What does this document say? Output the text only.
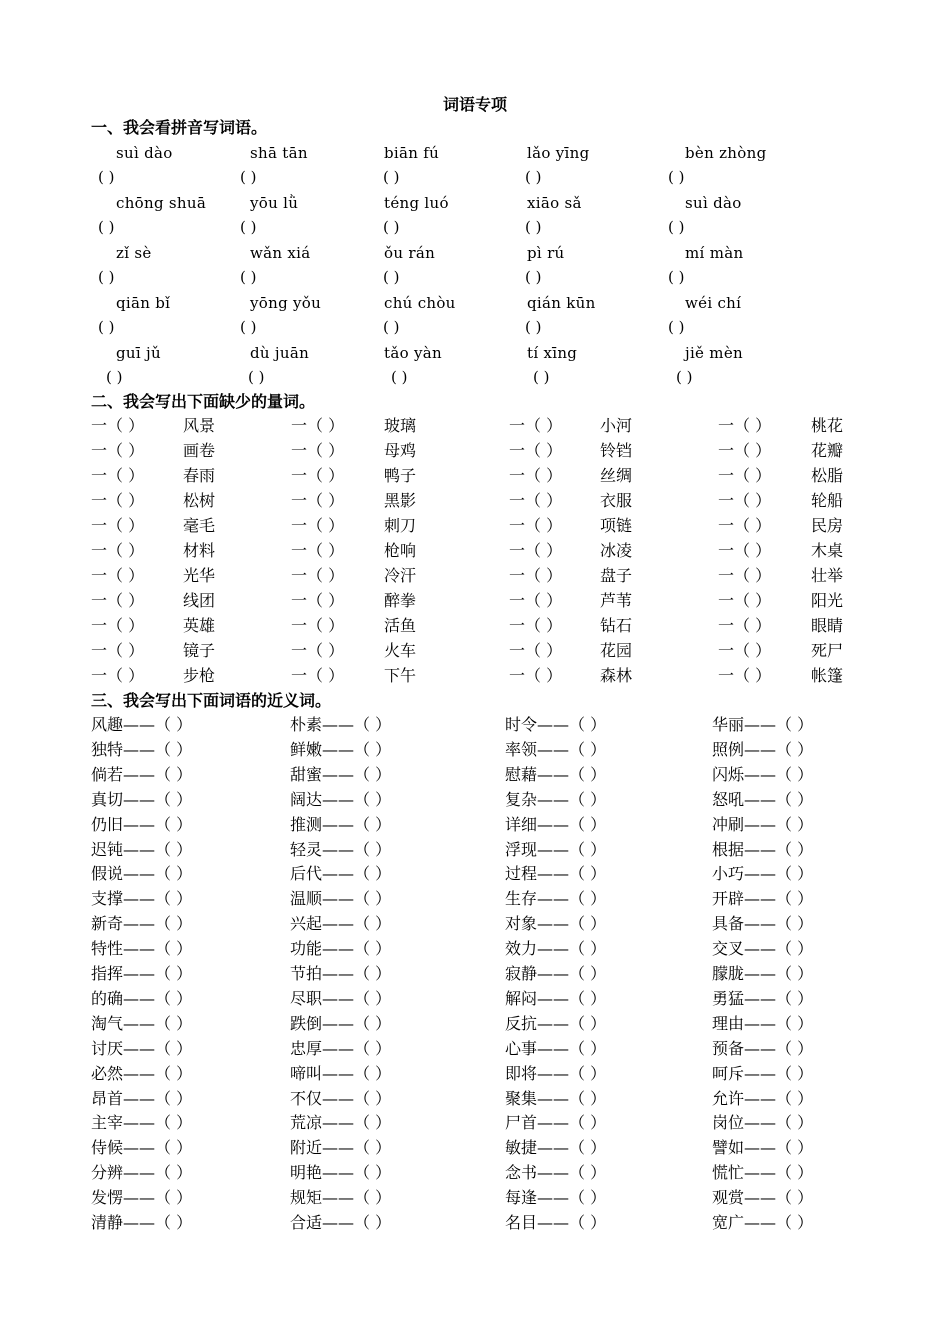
词语专项
一、我会看拼音写词语。
suì dào	shā tān	biān fú	lǎo yīng	bèn zhòng
( )	( )	( )	( )	( )
chōng shuā	yōu lǜ	téng luó	xiāo sǎ	suì dào
( )	( )	( )	( )	( )
zǐ sè	wǎn xiá	ǒu rán	pì rú	mí màn
( )	( )	( )	( )	( )
qiān bǐ	yōng yǒu	chú chòu	qián kūn	wéi chí
( )	( )	( )	( )	( )
guī jǔ	dù juān	tǎo yàn	tí xīng	jiě mèn
( )	( )	( )	( )	( )
二、我会写出下面缺少的量词。
一（ ） 风景	一（ ） 玻璃	一（ ） 小河	一（ ） 桃花
一（ ） 画卷	一（ ） 母鸡	一（ ） 铃铛	一（ ） 花瓣
一（ ） 春雨	一（ ） 鸭子	一（ ） 丝绸	一（ ） 松脂
一（ ） 松树	一（ ） 黑影	一（ ） 衣服	一（ ） 轮船
一（ ） 毫毛	一（ ） 刺刀	一（ ） 项链	一（ ） 民房
一（ ） 材料	一（ ） 枪响	一（ ） 冰凌	一（ ） 木桌
一（ ） 光华	一（ ） 冷汗	一（ ） 盘子	一（ ） 壮举
一（ ） 线团	一（ ） 醉拳	一（ ） 芦苇	一（ ） 阳光
一（ ） 英雄	一（ ） 活鱼	一（ ） 钻石	一（ ） 眼睛
一（ ） 镜子	一（ ） 火车	一（ ） 花园	一（ ） 死尸
一（ ） 步枪	一（ ） 下午	一（ ） 森林	一（ ） 帐篷
三、我会写出下面词语的近义词。
风趣——（ ）	朴素——（ ）	时令——（ ）	华丽——（ ）
独特——（ ）	鲜嫩——（ ）	率领——（ ）	照例——（ ）
倘若——（ ）	甜蜜——（ ）	慰藉——（ ）	闪烁——（ ）
真切——（ ）	阔达——（ ）	复杂——（ ）	怒吼——（ ）
仍旧——（ ）	推测——（ ）	详细——（ ）	冲刷——（ ）
迟钝——（ ）	轻灵——（ ）	浮现——（ ）	根据——（ ）
假说——（ ）	后代——（ ）	过程——（ ）	小巧——（ ）
支撑——（ ）	温顺——（ ）	生存——（ ）	开辟——（ ）
新奇——（ ）	兴起——（ ）	对象——（ ）	具备——（ ）
特性——（ ）	功能——（ ）	效力——（ ）	交叉——（ ）
指挥——（ ）	节拍——（ ）	寂静——（ ）	朦胧——（ ）
的确——（ ）	尽职——（ ）	解闷——（ ）	勇猛——（ ）
淘气——（ ）	跌倒——（ ）	反抗——（ ）	理由——（ ）
讨厌——（ ）	忠厚——（ ）	心事——（ ）	预备——（ ）
必然——（ ）	啼叫——（ ）	即将——（ ）	呵斥——（ ）
昂首——（ ）	不仅——（ ）	聚集——（ ）	允许——（ ）
主宰——（ ）	荒凉——（ ）	尸首——（ ）	岗位——（ ）
侍候——（ ）	附近——（ ）	敏捷——（ ）	譬如——（ ）
分辨——（ ）	明艳——（ ）	念书——（ ）	慌忙——（ ）
发愣——（ ）	规矩——（ ）	每逢——（ ）	观赏——（ ）
清静——（ ）	合适——（ ）	名目——（ ）	宽广——（ ）
